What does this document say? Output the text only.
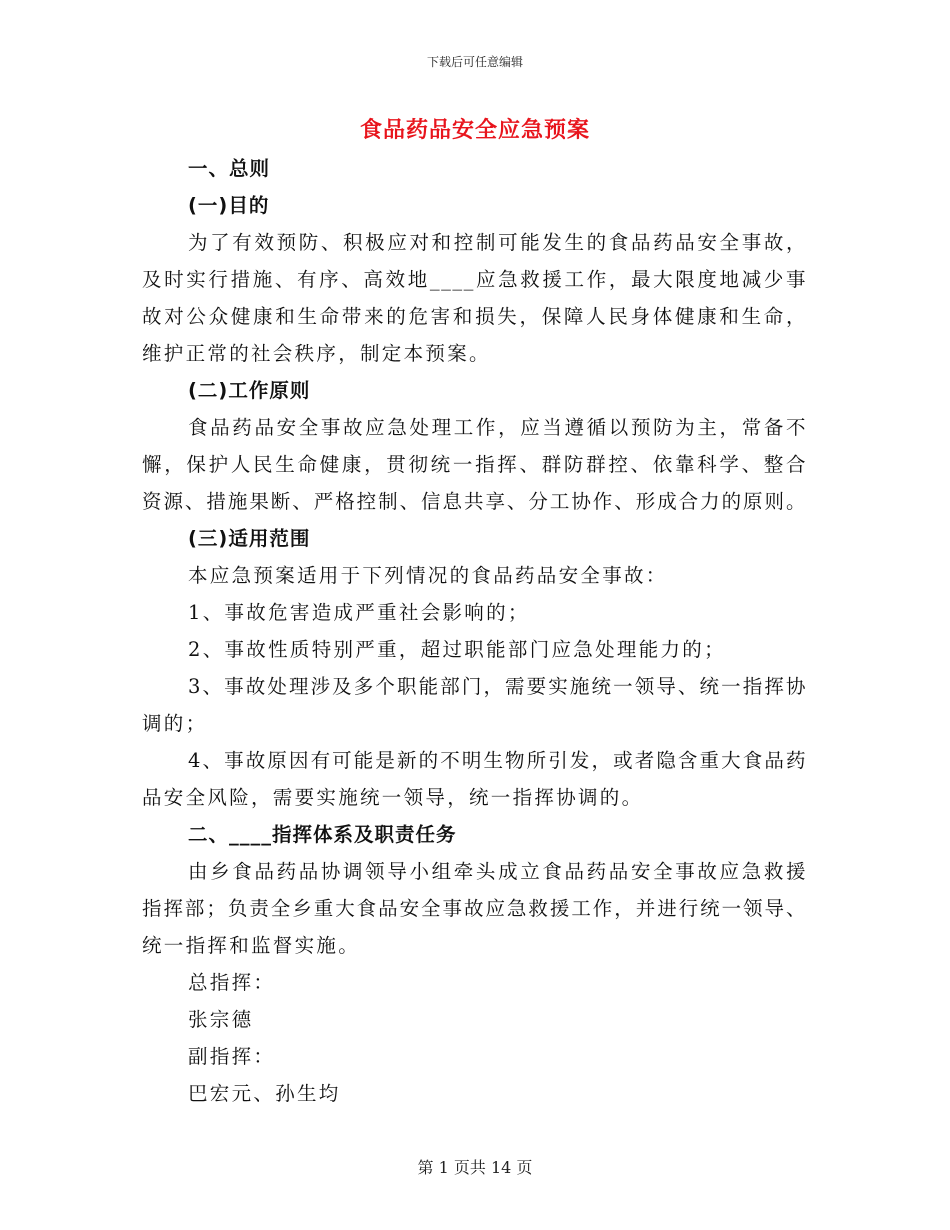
下载后可任意编辑
食品药品安全应急预案
一、总则
(一)目的
为了有效预防、积极应对和控制可能发生的食品药品安全事故，
及时实行措施、有序、高效地____应急救援工作，最大限度地减少事
故对公众健康和生命带来的危害和损失，保障人民身体健康和生命，
维护正常的社会秩序，制定本预案。
(二)工作原则
食品药品安全事故应急处理工作，应当遵循以预防为主，常备不
懈，保护人民生命健康，贯彻统一指挥、群防群控、依靠科学、整合
资源、措施果断、严格控制、信息共享、分工协作、形成合力的原则。
(三)适用范围
本应急预案适用于下列情况的食品药品安全事故：
1、事故危害造成严重社会影响的；
2、事故性质特别严重，超过职能部门应急处理能力的；
3、事故处理涉及多个职能部门，需要实施统一领导、统一指挥协
调的；
4、事故原因有可能是新的不明生物所引发，或者隐含重大食品药
品安全风险，需要实施统一领导，统一指挥协调的。
二、____指挥体系及职责任务
由乡食品药品协调领导小组牵头成立食品药品安全事故应急救援
指挥部；负责全乡重大食品安全事故应急救援工作，并进行统一领导、
统一指挥和监督实施。
总指挥：
张宗德
副指挥：
巴宏元、孙生均
第 1 页共 14 页
